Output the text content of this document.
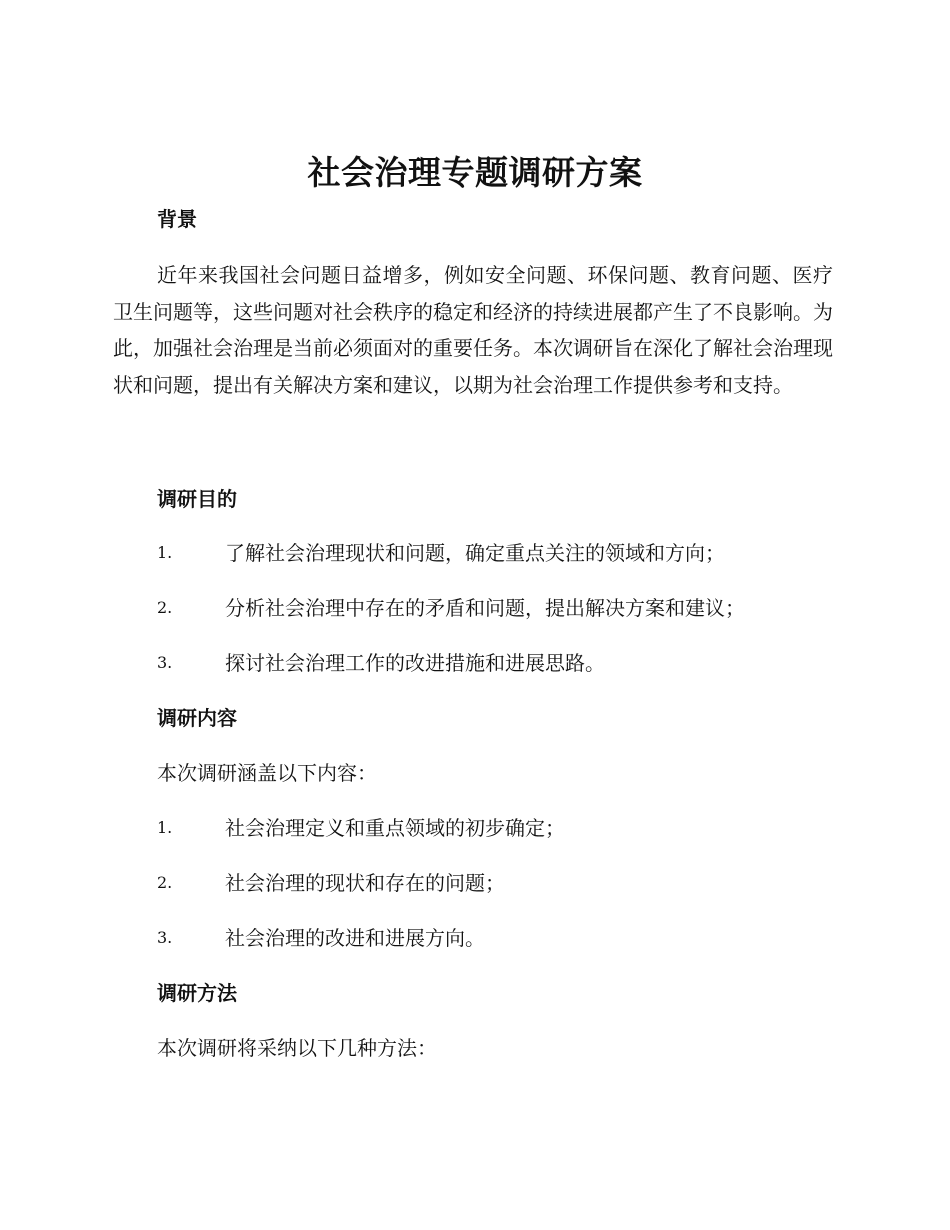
社会治理专题调研方案
背景
近年来我国社会问题日益增多，例如安全问题、环保问题、教育问题、医疗卫生问题等，这些问题对社会秩序的稳定和经济的持续进展都产生了不良影响。为此，加强社会治理是当前必须面对的重要任务。本次调研旨在深化了解社会治理现状和问题，提出有关解决方案和建议，以期为社会治理工作提供参考和支持。
调研目的
1.	了解社会治理现状和问题，确定重点关注的领域和方向；
2.	分析社会治理中存在的矛盾和问题，提出解决方案和建议；
3.	探讨社会治理工作的改进措施和进展思路。
调研内容
本次调研涵盖以下内容：
1.	社会治理定义和重点领域的初步确定；
2.	社会治理的现状和存在的问题；
3.	社会治理的改进和进展方向。
调研方法
本次调研将采纳以下几种方法：
